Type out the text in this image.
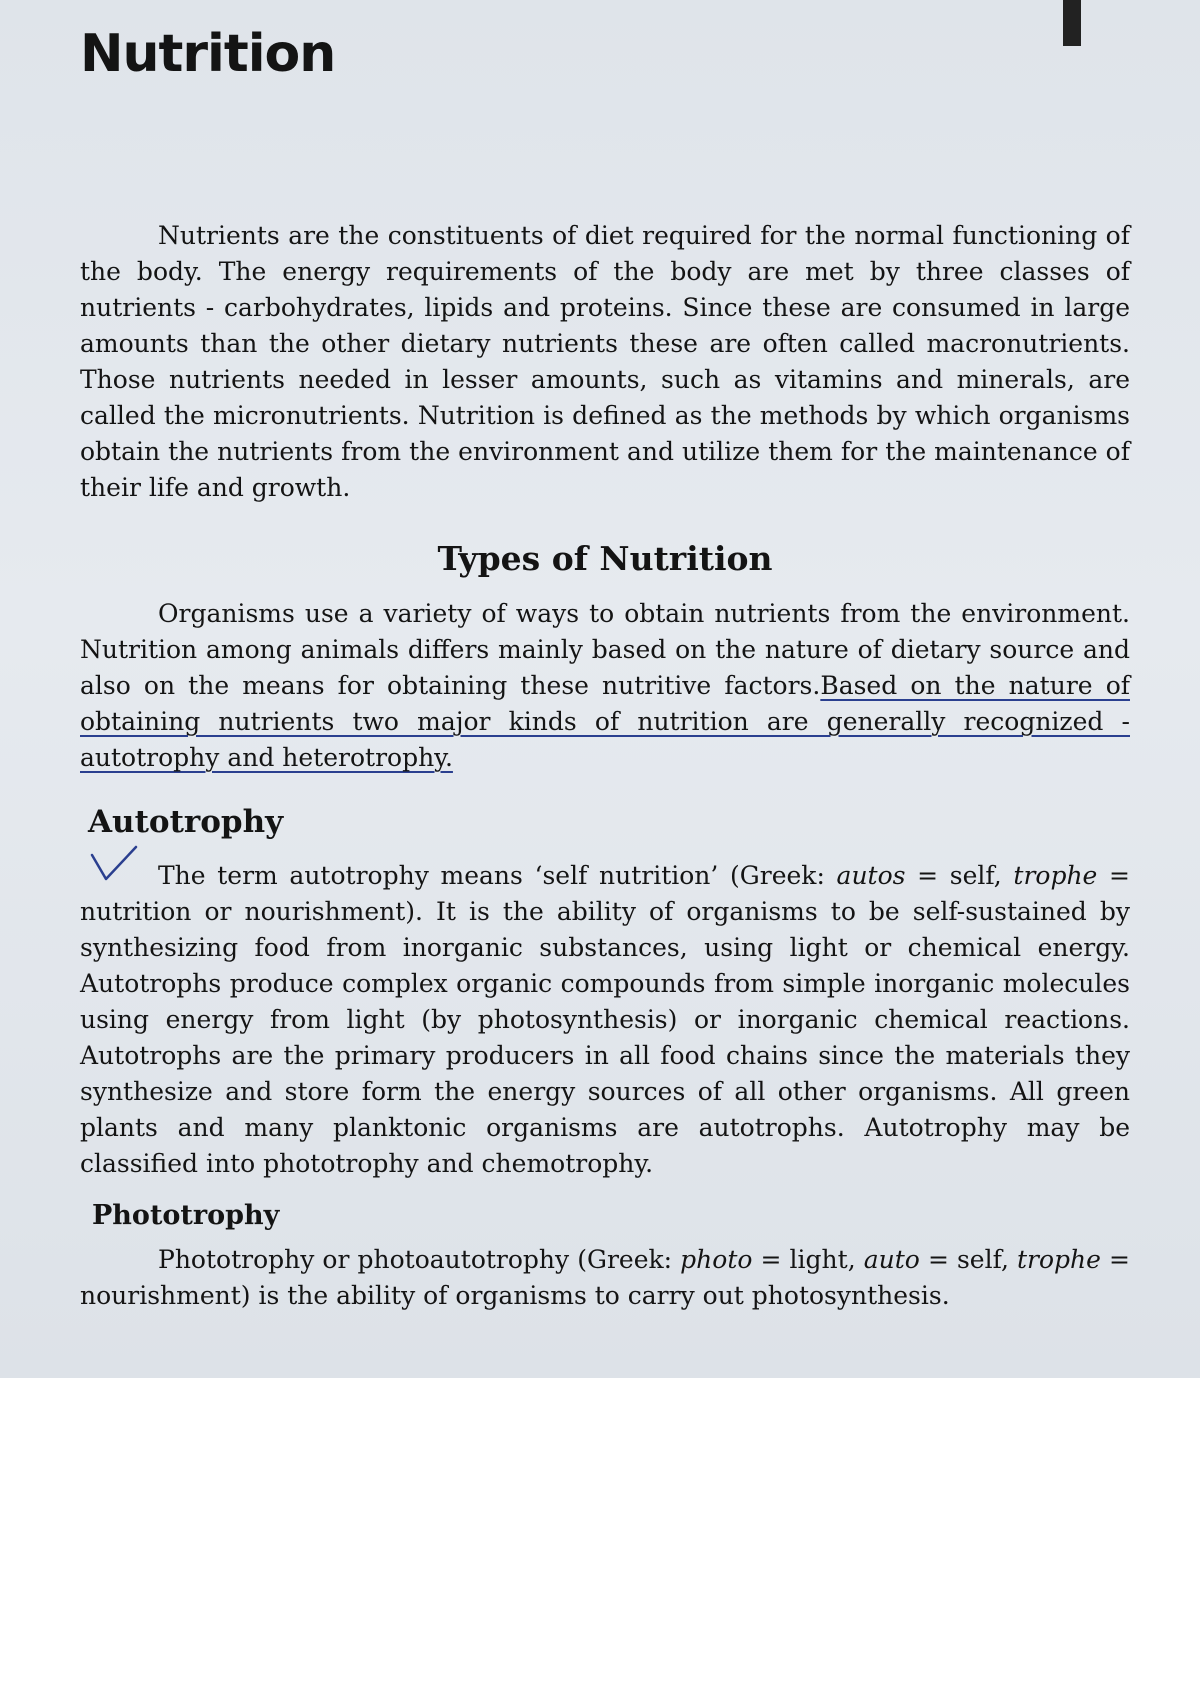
Nutrition

Nutrients are the constituents of diet required for the normal functioning of the body. The energy requirements of the body are met by three classes of nutrients - carbohydrates, lipids and proteins. Since these are consumed in large amounts than the other dietary nutrients these are often called macronutrients. Those nutrients needed in lesser amounts, such as vitamins and minerals, are called the micronutrients. Nutrition is defined as the methods by which organisms obtain the nutrients from the environment and utilize them for the maintenance of their life and growth.

Types of Nutrition

Organisms use a variety of ways to obtain nutrients from the environment. Nutrition among animals differs mainly based on the nature of dietary source and also on the means for obtaining these nutritive factors.Based on the nature of obtaining nutrients two major kinds of nutrition are generally recognized - autotrophy and heterotrophy.

Autotrophy

The term autotrophy means ‘self nutrition’ (Greek: autos = self, trophe = nutrition or nourishment). It is the ability of organisms to be self-sustained by synthesizing food from inorganic substances, using light or chemical energy. Autotrophs produce complex organic compounds from simple inorganic molecules using energy from light (by photosynthesis) or inorganic chemical reactions. Autotrophs are the primary producers in all food chains since the materials they synthesize and store form the energy sources of all other organisms. All green plants and many planktonic organisms are autotrophs. Autotrophy may be classified into phototrophy and chemotrophy.

Phototrophy

Phototrophy or photoautotrophy (Greek: photo = light, auto = self, trophe = nourishment) is the ability of organisms to carry out photosynthesis.
